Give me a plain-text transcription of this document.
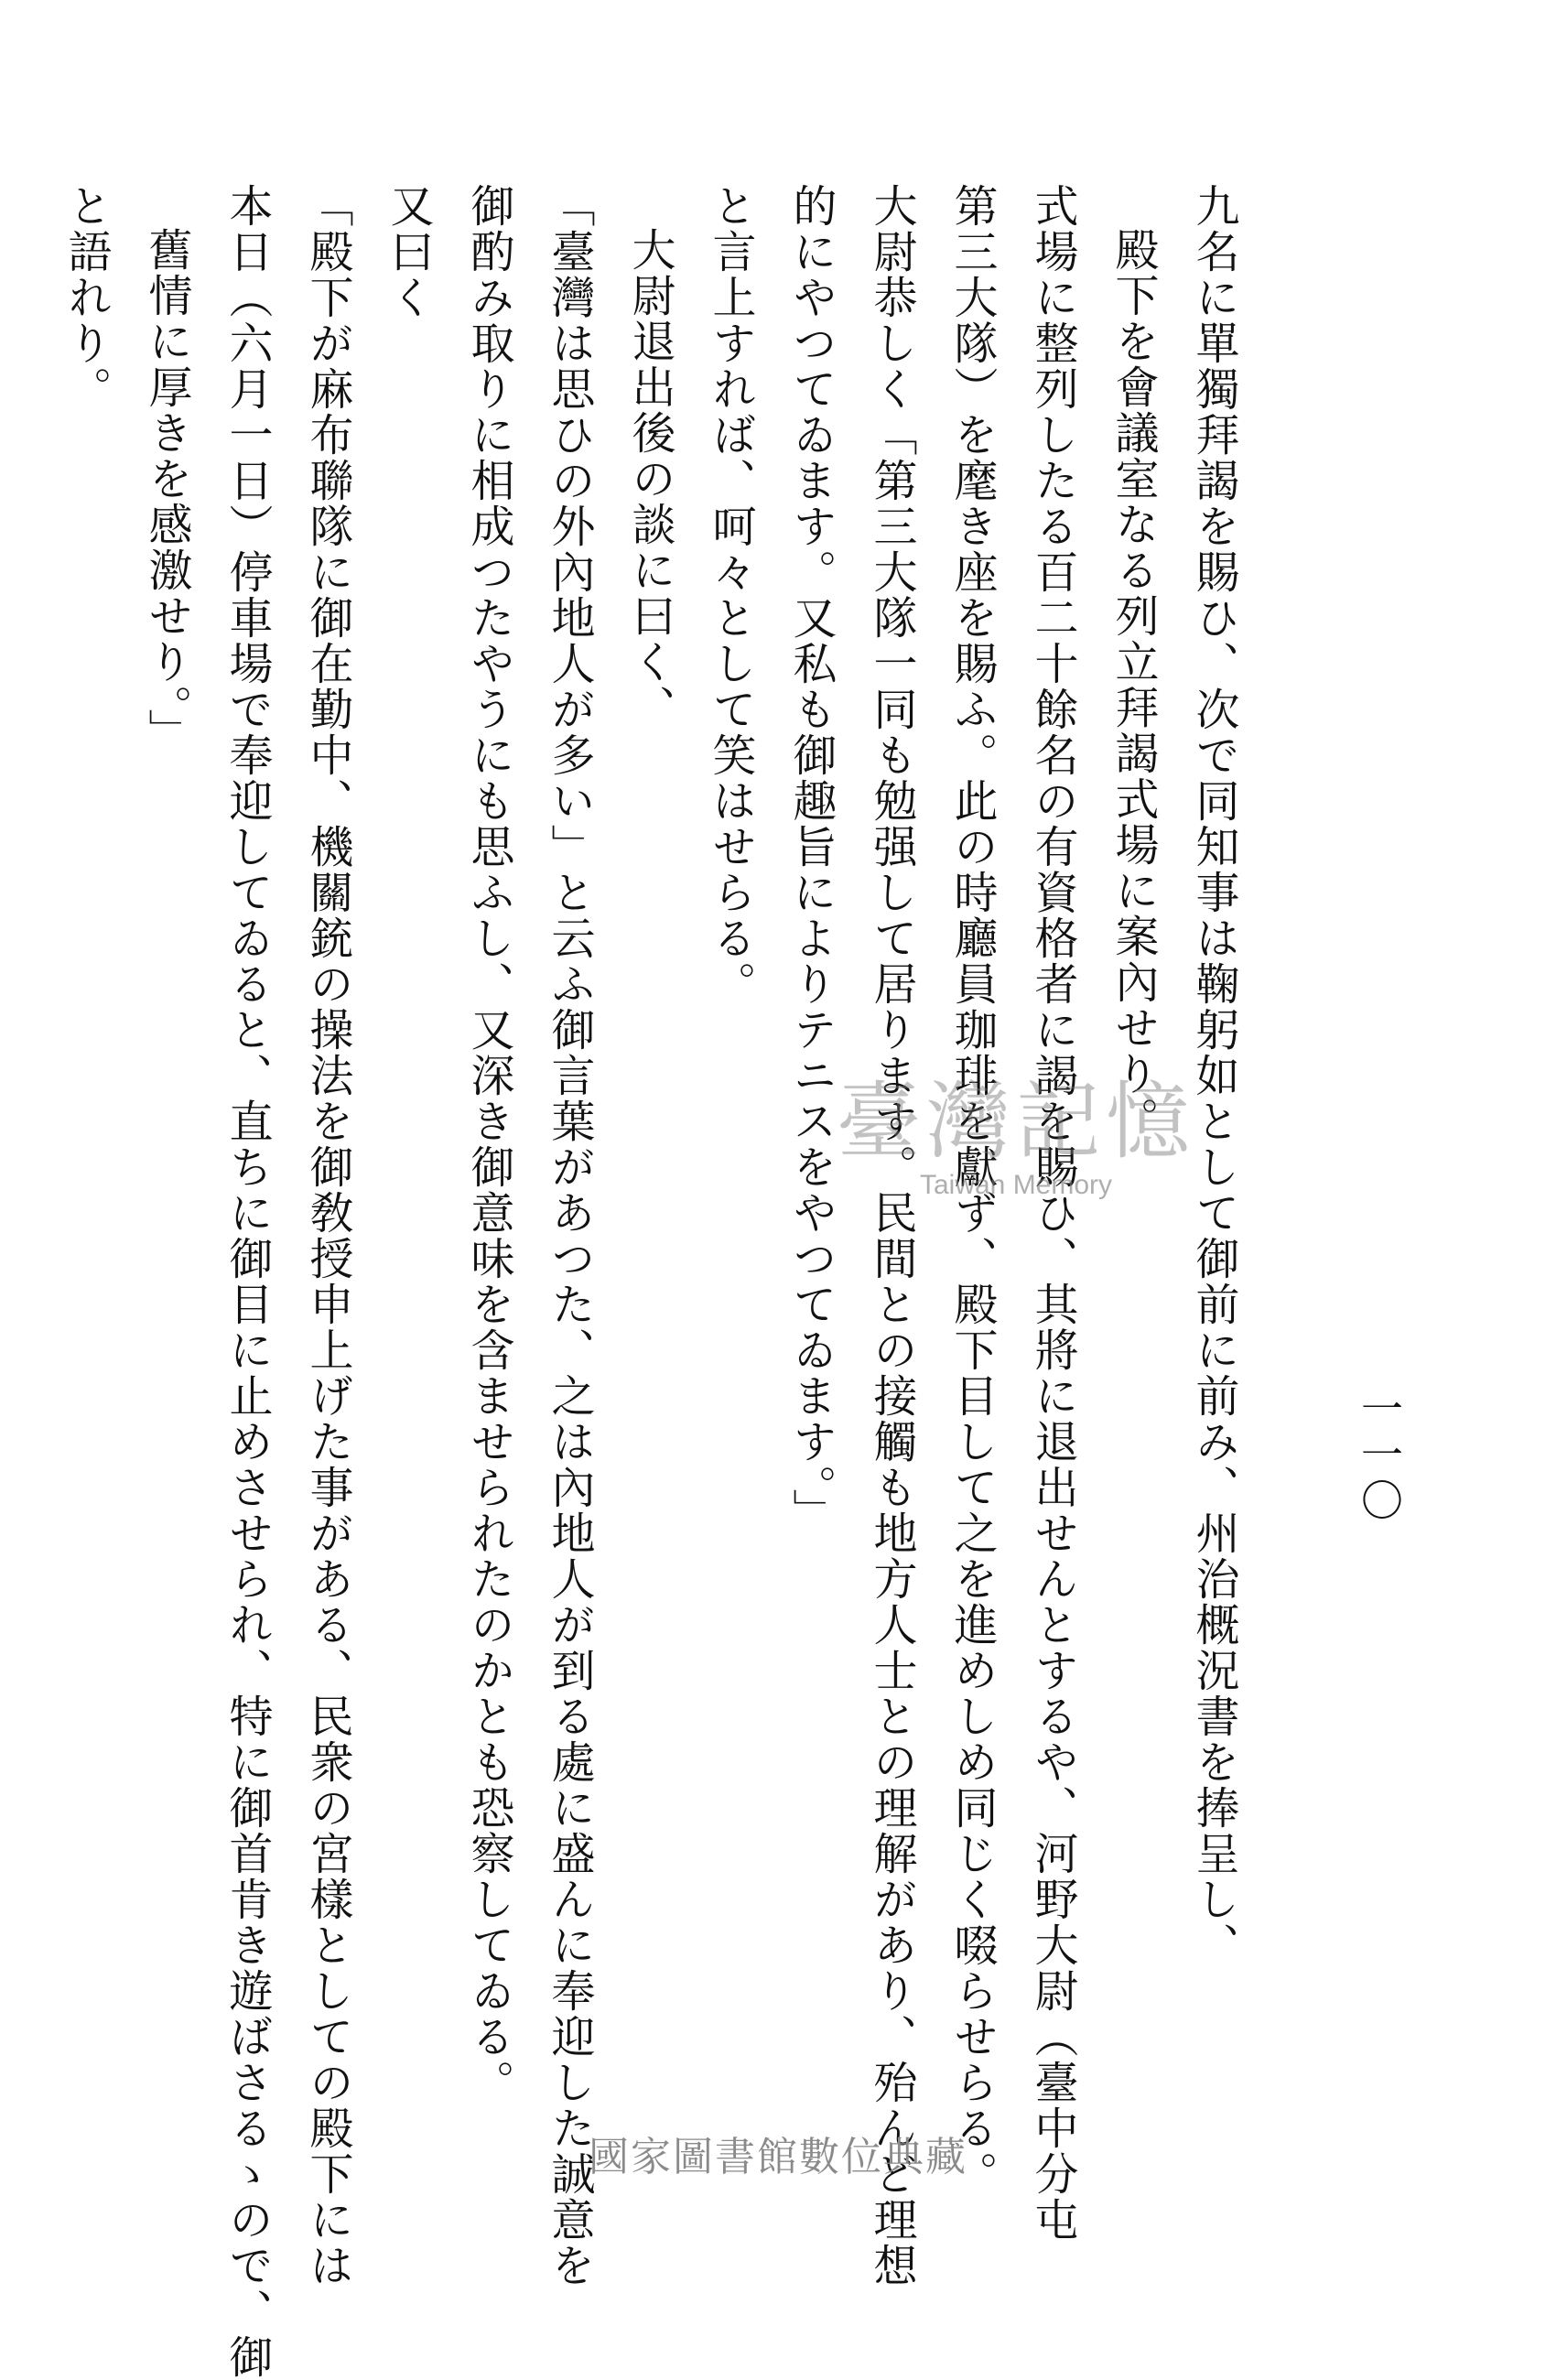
一一〇
九名に單獨拜謁を賜ひ、次で同知事は鞠躬如として御前に前み、州治概況書を捧呈し、
殿下を會議室なる列立拜謁式場に案內せり。
式場に整列したる百二十餘名の有資格者に謁を賜ひ、其將に退出せんとするや、河野大尉（臺中分屯
第三大隊）を麾き座を賜ふ。此の時廳員珈琲を獻ず、殿下目して之を進めしめ同じく啜らせらる。
大尉恭しく「第三大隊一同も勉强して居ります。民間との接觸も地方人士との理解があり、殆んど理想
的にやつてゐます。又私も御趣旨によりテニスをやつてゐます。」
と言上すれば、呵々として笑はせらる。
大尉退出後の談に曰く、
「臺灣は思ひの外內地人が多い」と云ふ御言葉があつた、之は內地人が到る處に盛んに奉迎した誠意を
御酌み取りに相成つたやうにも思ふし、又深き御意味を含ませられたのかとも恐察してゐる。
又曰く
「殿下が麻布聯隊に御在勤中、機關銃の操法を御敎授申上げた事がある、民衆の宮樣としての殿下には
本日（六月一日）停車場で奉迎してゐると、直ちに御目に止めさせられ、特に御首肯き遊ばさるゝので、御
舊情に厚きを感激せり。」
と語れり。
臺灣記憶
Taiwan Memory
國家圖書館數位典藏
